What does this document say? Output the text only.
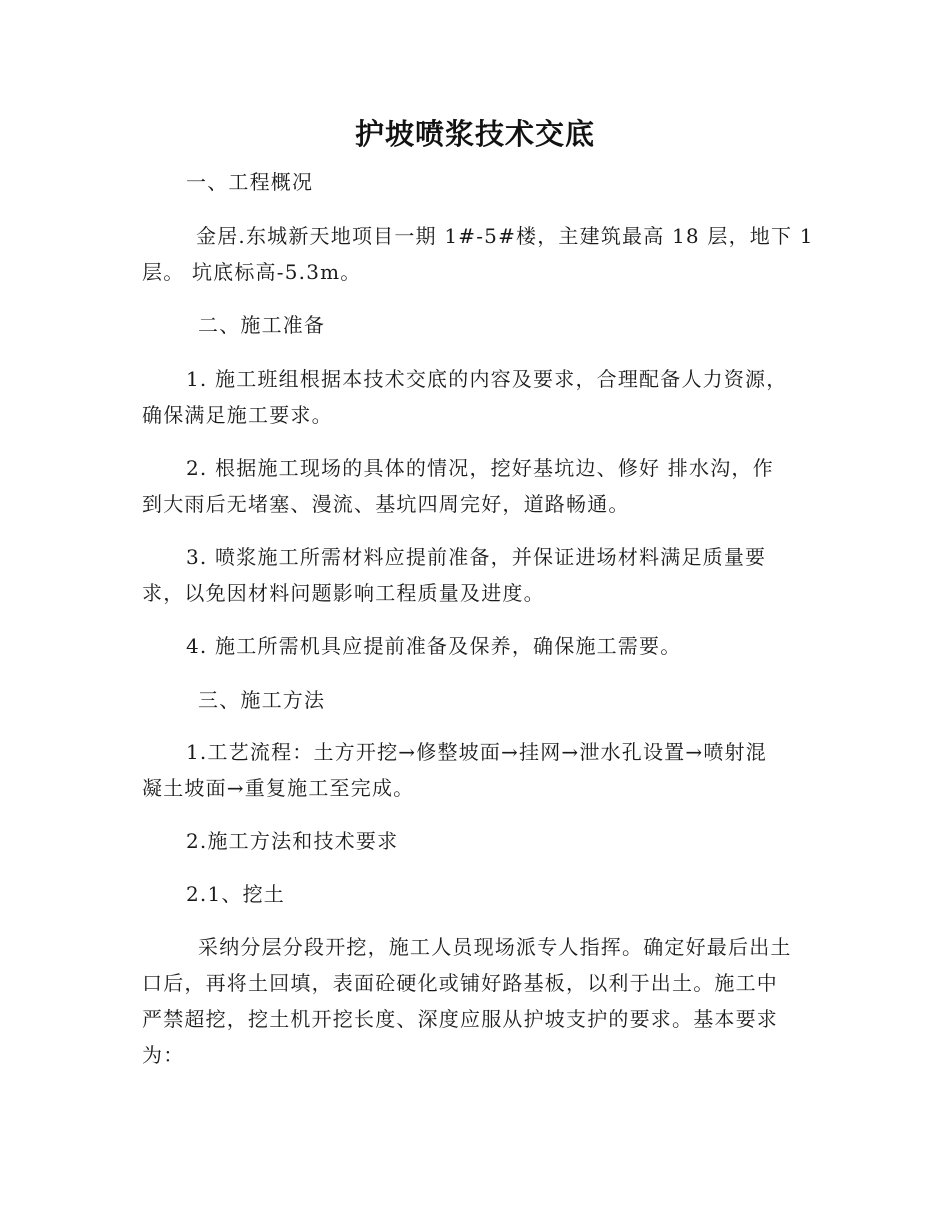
护坡喷浆技术交底
一、工程概况
金居.东城新天地项目一期 1#-5#楼，主建筑最高 18 层，地下 1
层。 坑底标高-5.3m。
二、施工准备
1. 施工班组根据本技术交底的内容及要求，合理配备人力资源，
确保满足施工要求。
2. 根据施工现场的具体的情况，挖好基坑边、修好 排水沟，作
到大雨后无堵塞、漫流、基坑四周完好，道路畅通。
3. 喷浆施工所需材料应提前准备，并保证进场材料满足质量要
求，以免因材料问题影响工程质量及进度。
4. 施工所需机具应提前准备及保养，确保施工需要。
三、施工方法
1.工艺流程：土方开挖→修整坡面→挂网→泄水孔设置→喷射混
凝土坡面→重复施工至完成。
2.施工方法和技术要求
2.1、挖土
采纳分层分段开挖，施工人员现场派专人指挥。确定好最后出土
口后，再将土回填，表面砼硬化或铺好路基板，以利于出土。施工中
严禁超挖，挖土机开挖长度、深度应服从护坡支护的要求。基本要求
为：
